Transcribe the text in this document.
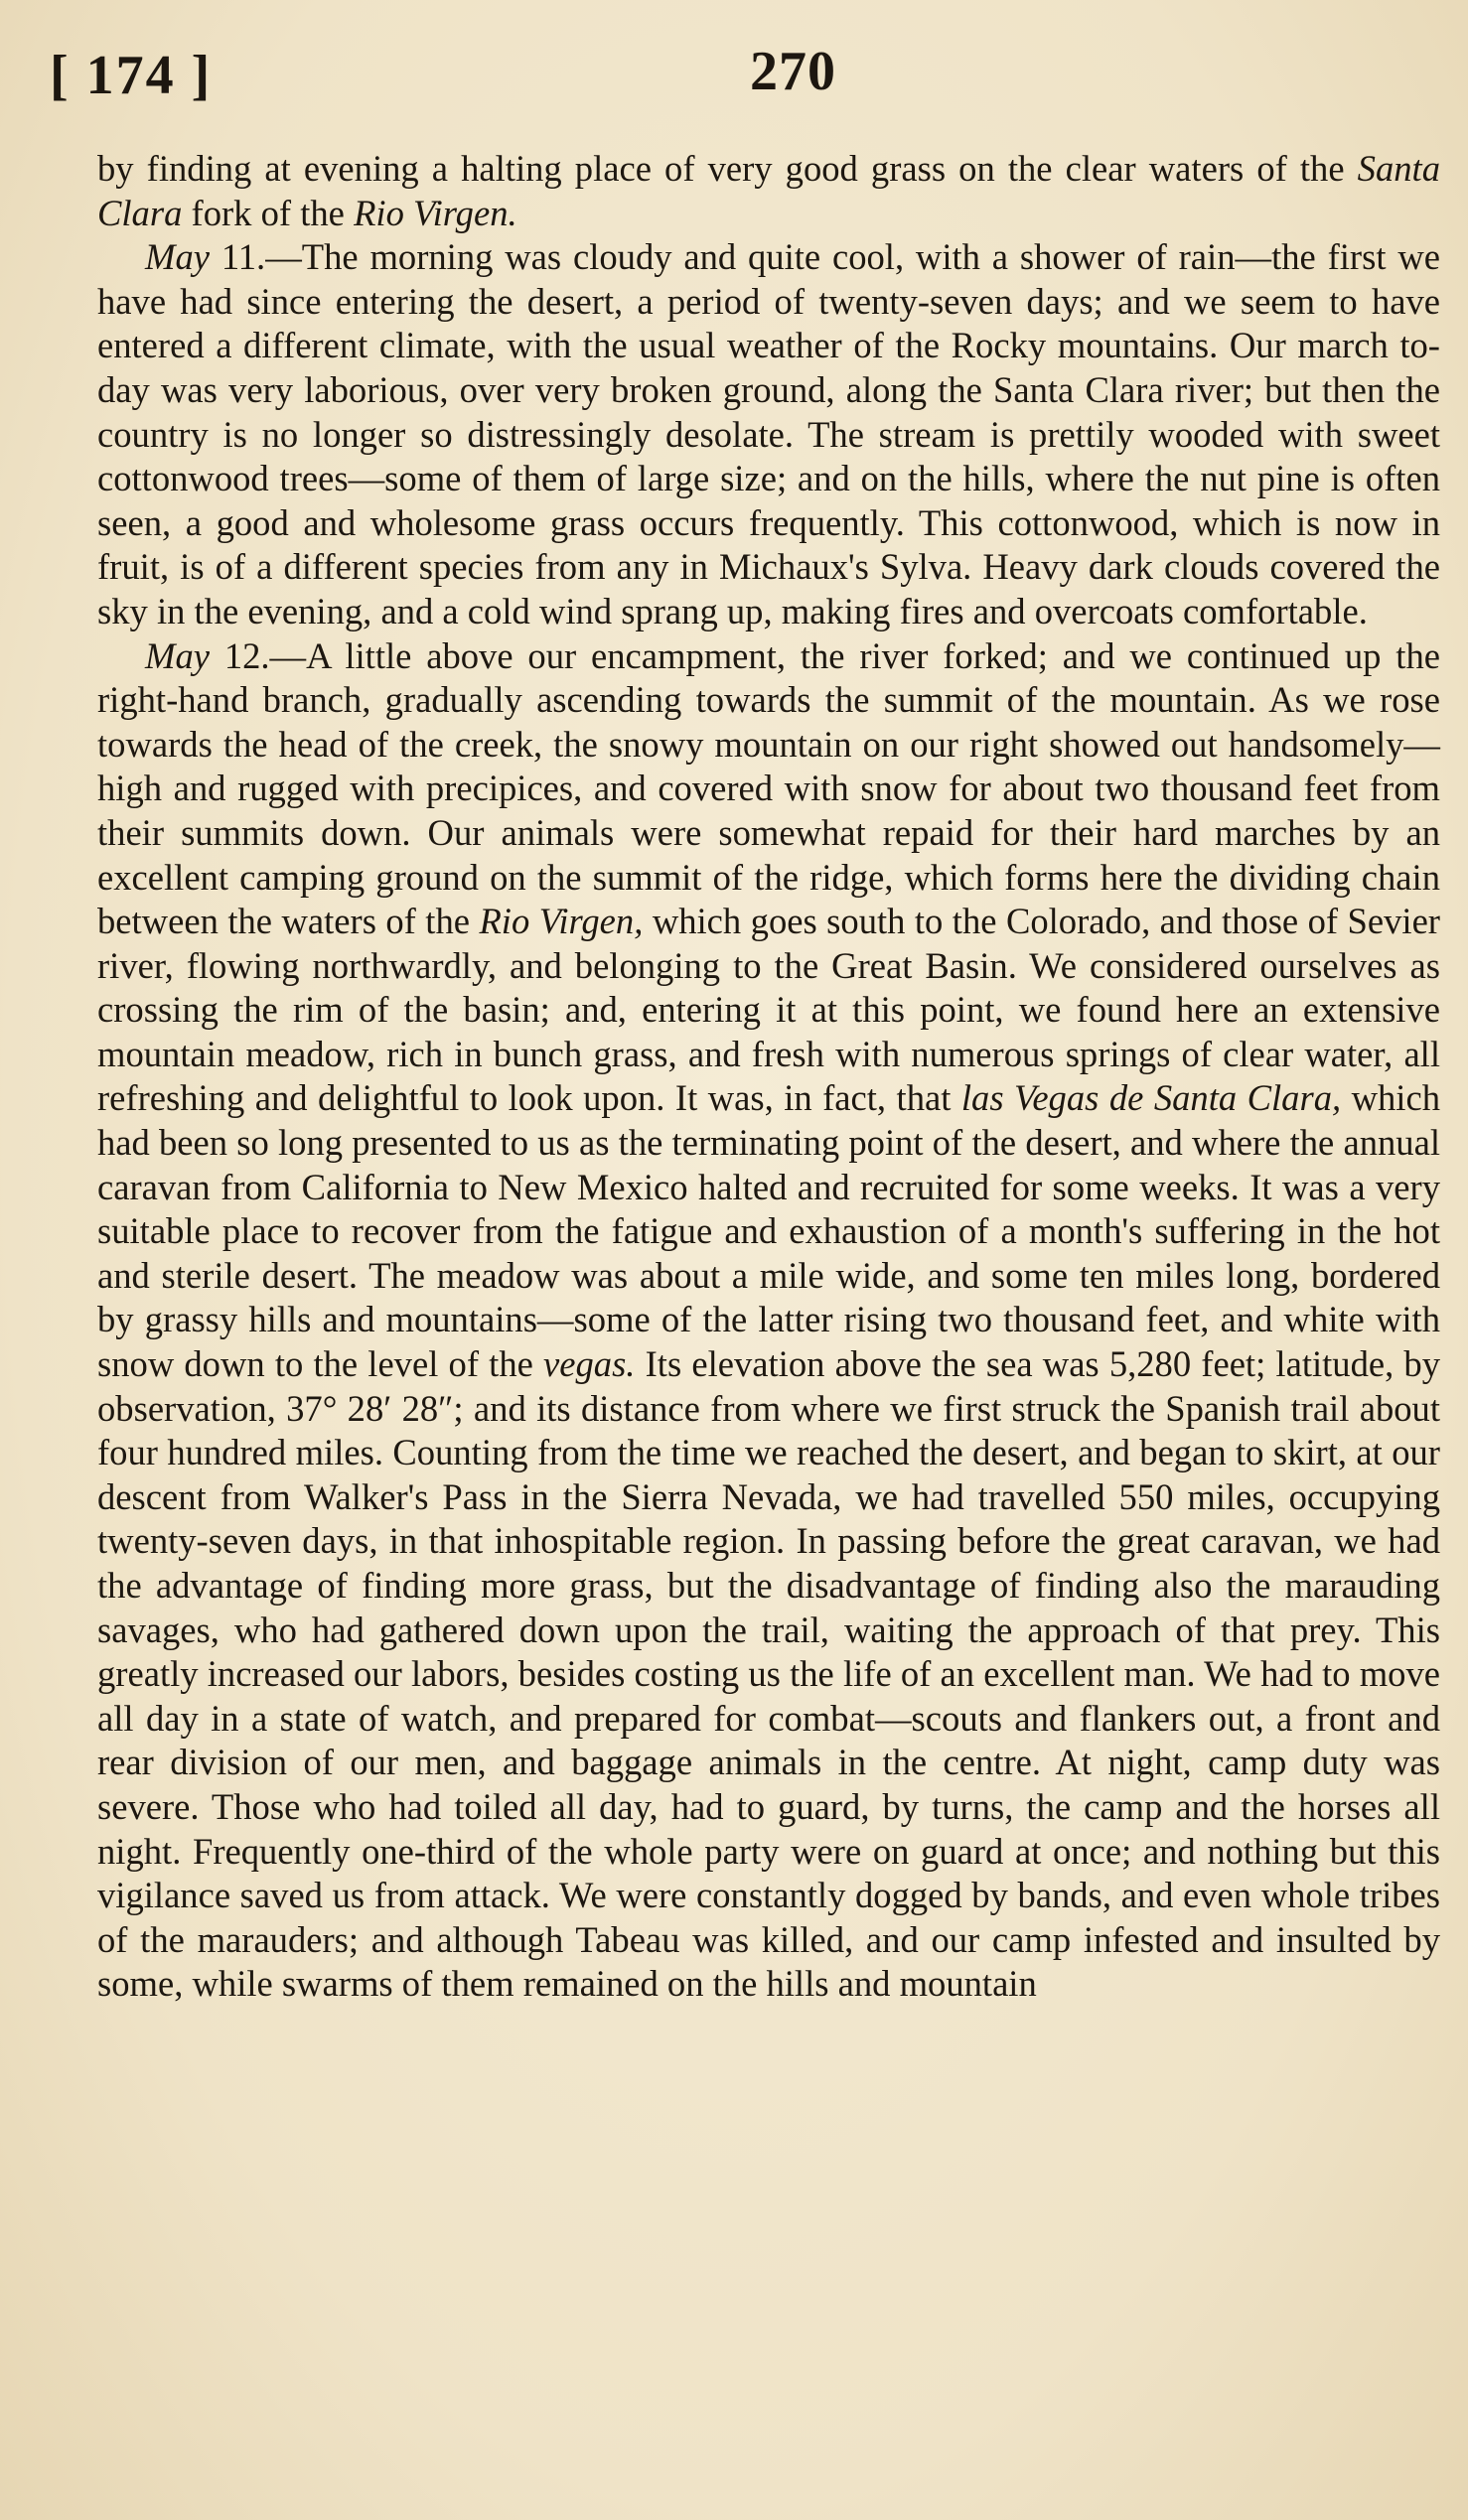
[ 174 ]	270

by finding at evening a halting place of very good grass on the clear waters of the Santa Clara fork of the Rio Virgen.

May 11.—The morning was cloudy and quite cool, with a shower of rain—the first we have had since entering the desert, a period of twenty-seven days; and we seem to have entered a different climate, with the usual weather of the Rocky mountains. Our march to-day was very laborious, over very broken ground, along the Santa Clara river; but then the country is no longer so distressingly desolate. The stream is prettily wooded with sweet cottonwood trees—some of them of large size; and on the hills, where the nut pine is often seen, a good and wholesome grass occurs frequently. This cottonwood, which is now in fruit, is of a different species from any in Michaux's Sylva. Heavy dark clouds covered the sky in the evening, and a cold wind sprang up, making fires and overcoats comfortable.

May 12.—A little above our encampment, the river forked; and we continued up the right-hand branch, gradually ascending towards the summit of the mountain. As we rose towards the head of the creek, the snowy mountain on our right showed out handsomely—high and rugged with precipices, and covered with snow for about two thousand feet from their summits down. Our animals were somewhat repaid for their hard marches by an excellent camping ground on the summit of the ridge, which forms here the dividing chain between the waters of the Rio Virgen, which goes south to the Colorado, and those of Sevier river, flowing northwardly, and belonging to the Great Basin. We considered ourselves as crossing the rim of the basin; and, entering it at this point, we found here an extensive mountain meadow, rich in bunch grass, and fresh with numerous springs of clear water, all refreshing and delightful to look upon. It was, in fact, that las Vegas de Santa Clara, which had been so long presented to us as the terminating point of the desert, and where the annual caravan from California to New Mexico halted and recruited for some weeks. It was a very suitable place to recover from the fatigue and exhaustion of a month's suffering in the hot and sterile desert. The meadow was about a mile wide, and some ten miles long, bordered by grassy hills and mountains—some of the latter rising two thousand feet, and white with snow down to the level of the vegas. Its elevation above the sea was 5,280 feet; latitude, by observation, 37° 28′ 28″; and its distance from where we first struck the Spanish trail about four hundred miles. Counting from the time we reached the desert, and began to skirt, at our descent from Walker's Pass in the Sierra Nevada, we had travelled 550 miles, occupying twenty-seven days, in that inhospitable region. In passing before the great caravan, we had the advantage of finding more grass, but the disadvantage of finding also the marauding savages, who had gathered down upon the trail, waiting the approach of that prey. This greatly increased our labors, besides costing us the life of an excellent man. We had to move all day in a state of watch, and prepared for combat—scouts and flankers out, a front and rear division of our men, and baggage animals in the centre. At night, camp duty was severe. Those who had toiled all day, had to guard, by turns, the camp and the horses all night. Frequently one-third of the whole party were on guard at once; and nothing but this vigilance saved us from attack. We were constantly dogged by bands, and even whole tribes of the marauders; and although Tabeau was killed, and our camp infested and insulted by some, while swarms of them remained on the hills and mountain
